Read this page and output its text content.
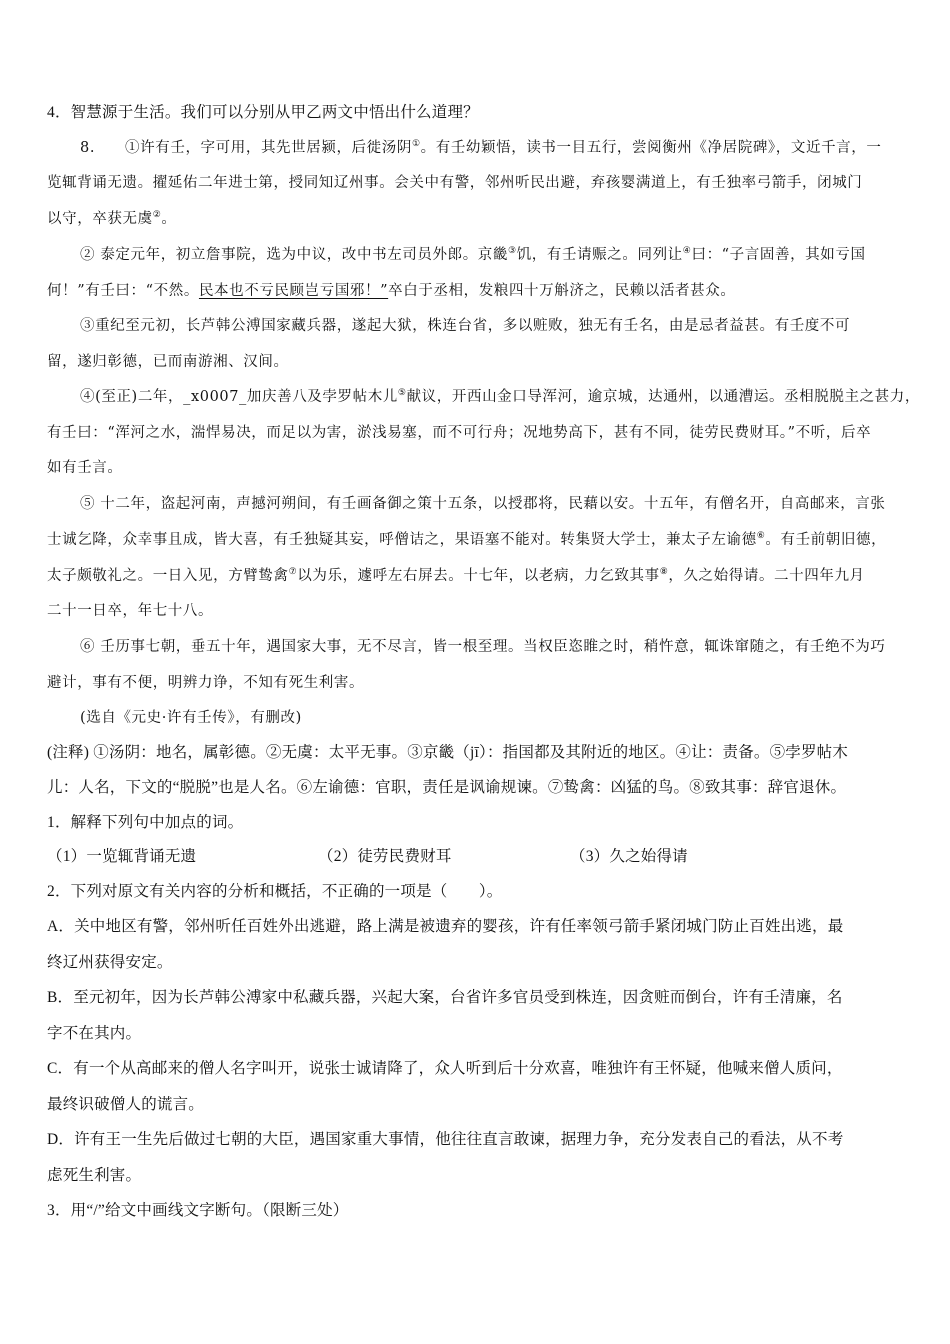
4．智慧源于生活。我们可以分别从甲乙两文中悟出什么道理？
8. ①许有壬，字可用，其先世居颍，后徙汤阴①。有壬幼颖悟，读书一目五行，尝阅衡州《净居院碑》，文近千言，一
览辄背诵无遗。擢延佑二年进士第，授同知辽州事。会关中有警，邻州听民出避，弃孩婴满道上，有壬独率弓箭手，闭城门
以守，卒获无虞②。
② 泰定元年，初立詹事院，选为中议，改中书左司员外郎。京畿③饥，有壬请赈之。同列让④曰：“子言固善，其如亏国
何！”有壬曰：“不然。民本也不亏民顾岂亏国邪！”卒白于丞相，发粮四十万斛济之，民赖以活者甚众。
③重纪至元初，长芦韩公溥国家藏兵器，遂起大狱，株连台省，多以赃败，独无有壬名，由是忌者益甚。有壬度不可
留，遂归彰德，已而南游湘、汉间。
④(至正)二年，_x0007_加庆善八及孛罗帖木儿⑤献议，开西山金口导浑河，逾京城，达通州，以通漕运。丞相脱脱主之甚力，
有壬曰：“浑河之水，湍悍易决，而足以为害，淤浅易塞，而不可行舟；况地势高下，甚有不同，徒劳民费财耳。”不听，后卒
如有壬言。
⑤ 十二年，盗起河南，声撼河朔间，有壬画备御之策十五条，以授郡将，民藉以安。十五年，有僧名开，自高邮来，言张
士诚乞降，众幸事且成，皆大喜，有壬独疑其妄，呼僧诘之，果语塞不能对。转集贤大学士，兼太子左谕德⑥。有壬前朝旧德，
太子颇敬礼之。一日入见，方臂鸷禽⑦以为乐，遽呼左右屏去。十七年，以老病，力乞致其事⑧，久之始得请。二十四年九月
二十一日卒，年七十八。
⑥ 壬历事七朝，垂五十年，遇国家大事，无不尽言，皆一根至理。当权臣恣睢之时，稍忤意，辄诛窜随之，有壬绝不为巧
避计，事有不便，明辨力诤，不知有死生利害。
(选自《元史·许有壬传》，有删改)
(注释) ①汤阴：地名，属彰德。②无虞：太平无事。③京畿（jī）：指国都及其附近的地区。④让：责备。⑤孛罗帖木
儿：人名，下文的“脱脱”也是人名。⑥左谕德：官职，责任是讽谕规谏。⑦鸷禽：凶猛的鸟。⑧致其事：辞官退休。
1．解释下列句中加点的词。
（1）一览辄背诵无遗	（2）徒劳民费财耳	（3）久之始得请
2．下列对原文有关内容的分析和概括，不正确的一项是（　　）。
A．关中地区有警，邻州听任百姓外出逃避，路上满是被遗弃的婴孩，许有任率领弓箭手紧闭城门防止百姓出逃，最
终辽州获得安定。
B．至元初年，因为长芦韩公溥家中私藏兵器，兴起大案，台省许多官员受到株连，因贪赃而倒台，许有壬清廉，名
字不在其内。
C．有一个从高邮来的僧人名字叫开，说张士诚请降了，众人听到后十分欢喜，唯独许有王怀疑，他喊来僧人质问，
最终识破僧人的谎言。
D．许有王一生先后做过七朝的大臣，遇国家重大事情，他往往直言敢谏，据理力争，充分发表自己的看法，从不考
虑死生利害。
3．用“/”给文中画线文字断句。（限断三处）
